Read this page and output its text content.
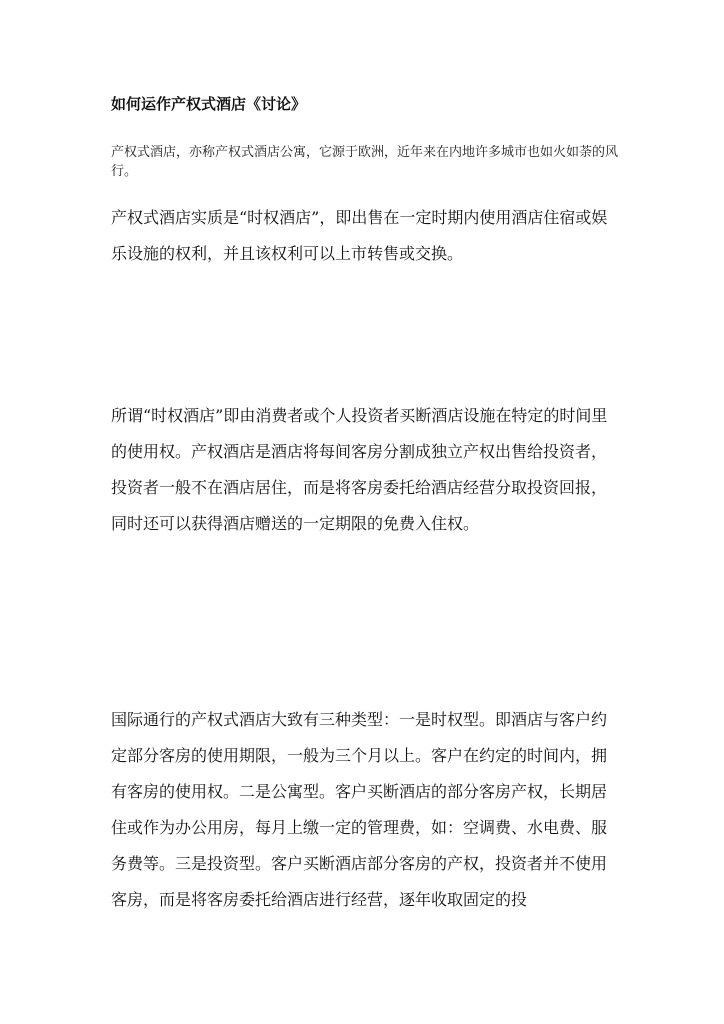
如何运作产权式酒店《讨论》

产权式酒店，亦称产权式酒店公寓，它源于欧洲，近年来在内地许多城市也如火如荼的风行。

产权式酒店实质是“时权酒店”，即出售在一定时期内使用酒店住宿或娱乐设施的权利，并且该权利可以上市转售或交换。

所谓“时权酒店”即由消费者或个人投资者买断酒店设施在特定的时间里的使用权。产权酒店是酒店将每间客房分割成独立产权出售给投资者，投资者一般不在酒店居住，而是将客房委托给酒店经营分取投资回报，同时还可以获得酒店赠送的一定期限的免费入住权。

国际通行的产权式酒店大致有三种类型：一是时权型。即酒店与客户约定部分客房的使用期限，一般为三个月以上。客户在约定的时间内，拥有客房的使用权。二是公寓型。客户买断酒店的部分客房产权，长期居住或作为办公用房，每月上缴一定的管理费，如：空调费、水电费、服务费等。三是投资型。客户买断酒店部分客房的产权，投资者并不使用客房，而是将客房委托给酒店进行经营，逐年收取固定的投
